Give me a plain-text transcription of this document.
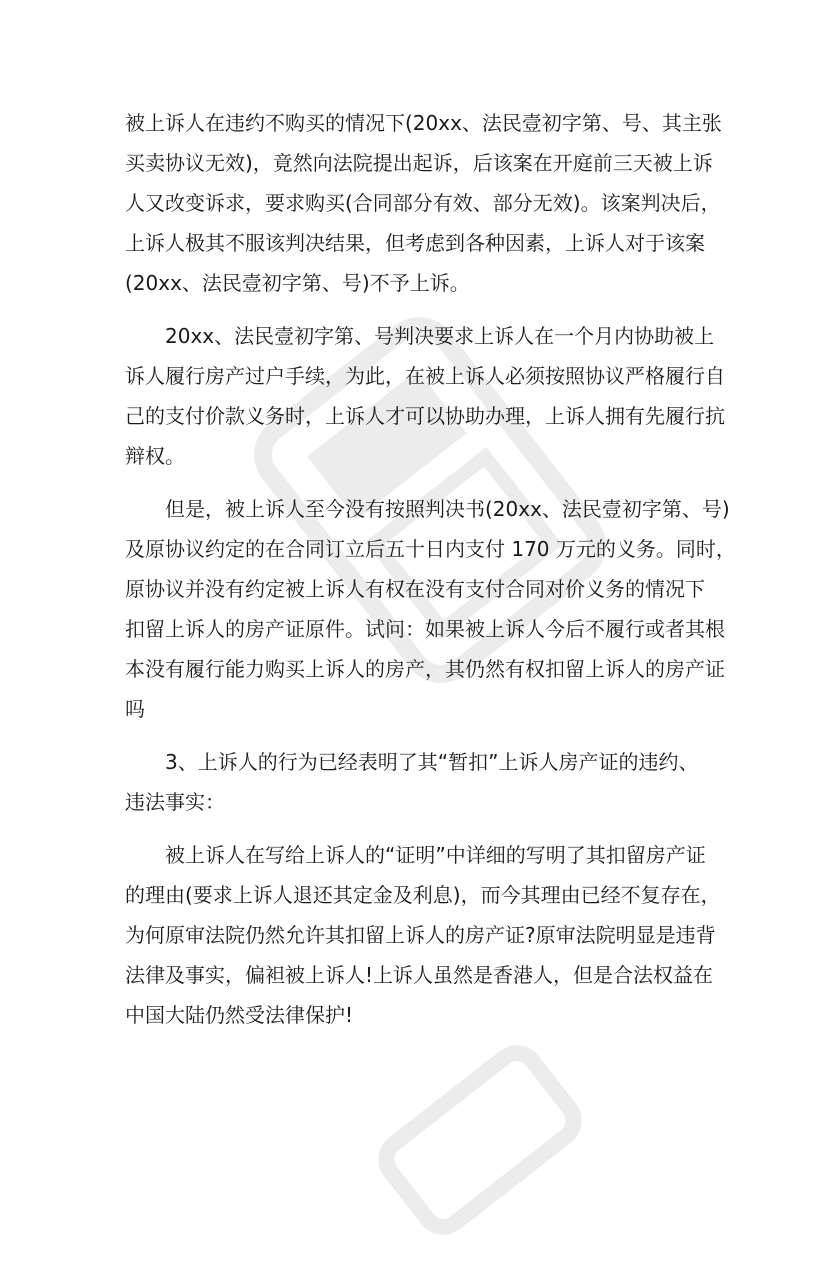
被上诉人在违约不购买的情况下(20xx、法民壹初字第、号、其主张
买卖协议无效)，竟然向法院提出起诉，后该案在开庭前三天被上诉
人又改变诉求，要求购买(合同部分有效、部分无效)。该案判决后，
上诉人极其不服该判决结果，但考虑到各种因素，上诉人对于该案
(20xx、法民壹初字第、号)不予上诉。
20xx、法民壹初字第、号判决要求上诉人在一个月内协助被上
诉人履行房产过户手续，为此，在被上诉人必须按照协议严格履行自
己的支付价款义务时，上诉人才可以协助办理，上诉人拥有先履行抗
辩权。
但是，被上诉人至今没有按照判决书(20xx、法民壹初字第、号)
及原协议约定的在合同订立后五十日内支付 170 万元的义务。同时，
原协议并没有约定被上诉人有权在没有支付合同对价义务的情况下
扣留上诉人的房产证原件。试问：如果被上诉人今后不履行或者其根
本没有履行能力购买上诉人的房产，其仍然有权扣留上诉人的房产证
吗
3、上诉人的行为已经表明了其“暂扣”上诉人房产证的违约、
违法事实：
被上诉人在写给上诉人的“证明”中详细的写明了其扣留房产证
的理由(要求上诉人退还其定金及利息)，而今其理由已经不复存在，
为何原审法院仍然允许其扣留上诉人的房产证?原审法院明显是违背
法律及事实，偏袒被上诉人!上诉人虽然是香港人，但是合法权益在
中国大陆仍然受法律保护!
